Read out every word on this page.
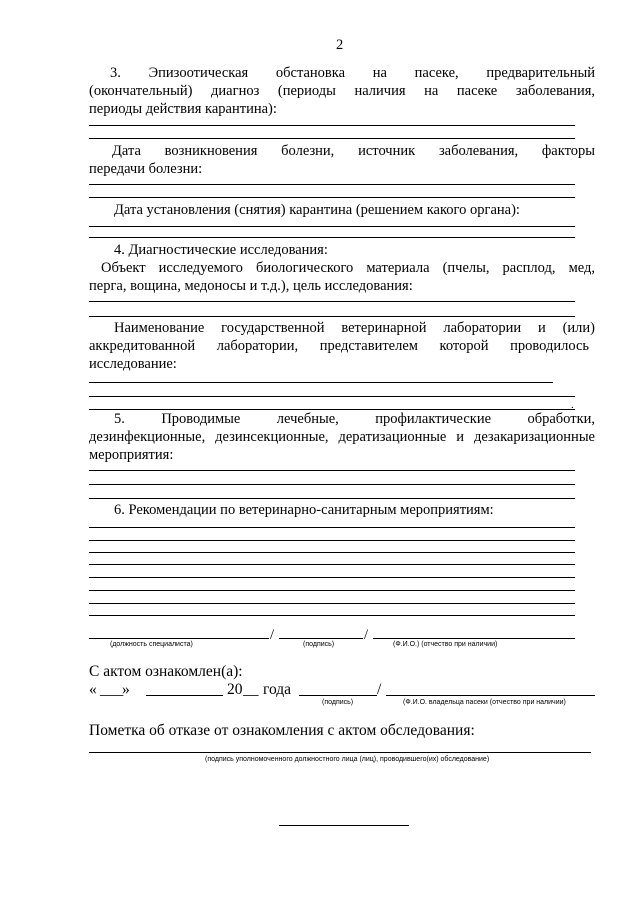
2
3. Эпизоотическая обстановка на пасеке, предварительный
(окончательный) диагноз (периоды наличия на пасеке заболевания,
периоды действия карантина):
Дата возникновения болезни, источник заболевания, факторы
передачи болезни:
Дата установления (снятия) карантина (решением какого органа):
4. Диагностические исследования:
Объект исследуемого биологического материала (пчелы, расплод, мед,
перга, вощина, медоносы и т.д.), цель исследования:
Наименование государственной ветеринарной лаборатории и (или)
аккредитованной лаборатории, представителем которой проводилось
исследование:
.
5. Проводимые лечебные, профилактические обработки,
дезинфекционные, дезинсекционные, дератизационные и дезакаризационные
мероприятия:
6. Рекомендации по ветеринарно-санитарным мероприятиям:
/	/
(должность специалиста)	(подпись)	(Ф.И.О.) (отчество при наличии)
С актом ознакомлен(а):
« ___
»	20 __ года	/
(подпись)	(Ф.И.О. владельца пасеки (отчество при наличии)
Пометка об отказе от ознакомления с актом обследования:
(подпись уполномоченного должностного лица (лиц), проводившего(их) обследование)
